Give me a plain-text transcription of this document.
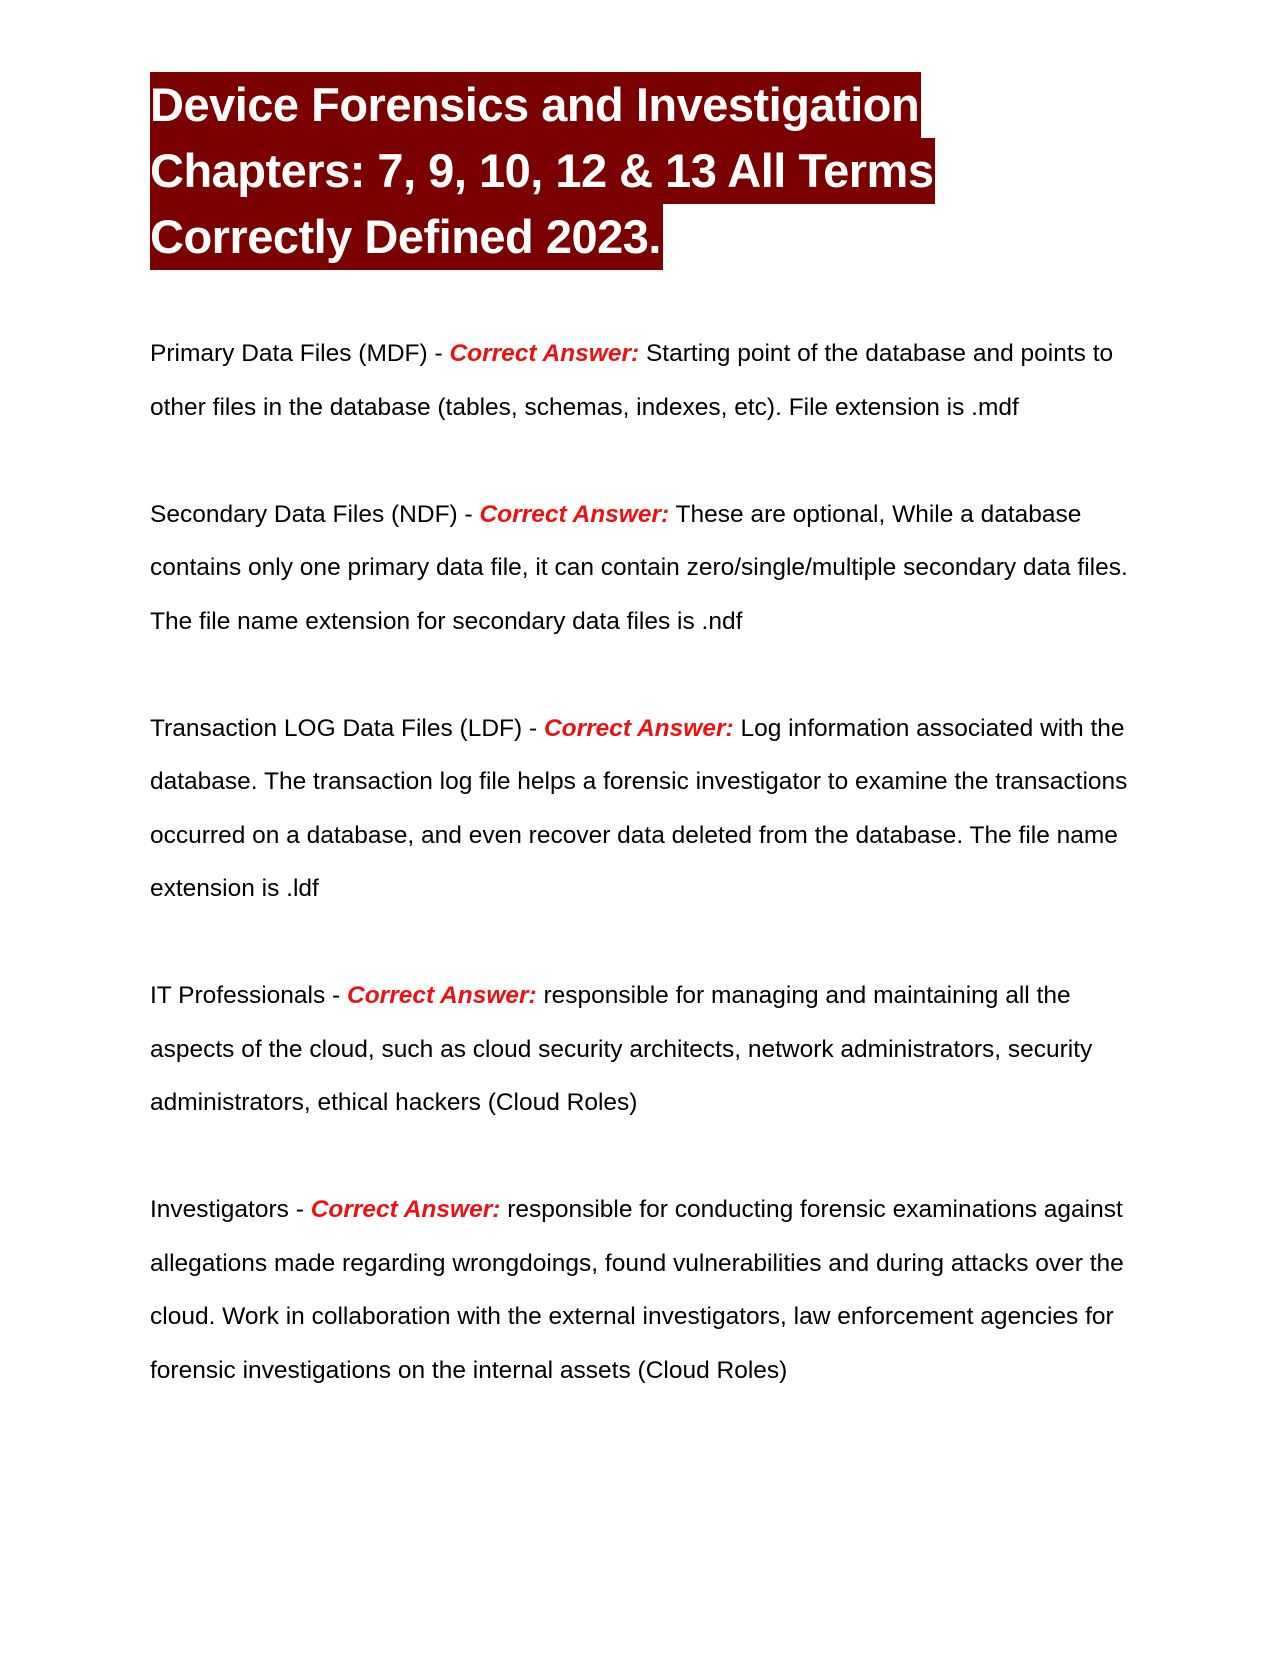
Device Forensics and Investigation
Chapters: 7, 9, 10, 12 & 13 All Terms
Correctly Defined 2023.

Primary Data Files (MDF) - Correct Answer: Starting point of the database and points to other files in the database (tables, schemas, indexes, etc). File extension is .mdf

Secondary Data Files (NDF) - Correct Answer: These are optional, While a database contains only one primary data file, it can contain zero/single/multiple secondary data files. The file name extension for secondary data files is .ndf

Transaction LOG Data Files (LDF) - Correct Answer: Log information associated with the database. The transaction log file helps a forensic investigator to examine the transactions occurred on a database, and even recover data deleted from the database. The file name extension is .ldf

IT Professionals - Correct Answer: responsible for managing and maintaining all the aspects of the cloud, such as cloud security architects, network administrators, security administrators, ethical hackers (Cloud Roles)

Investigators - Correct Answer: responsible for conducting forensic examinations against allegations made regarding wrongdoings, found vulnerabilities and during attacks over the cloud. Work in collaboration with the external investigators, law enforcement agencies for forensic investigations on the internal assets (Cloud Roles)
